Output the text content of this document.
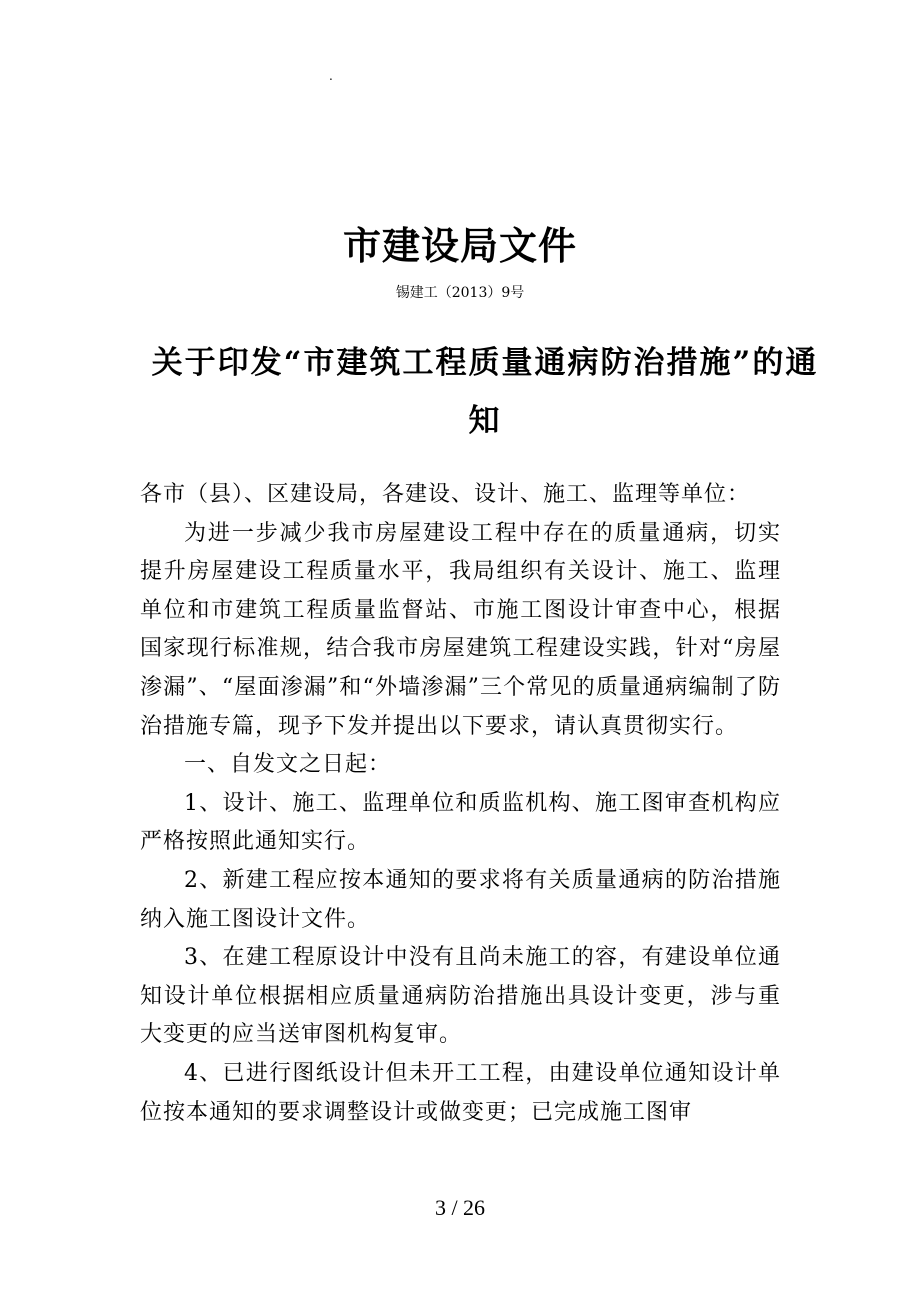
.
市建设局文件
锡建工（2013）9号
关于印发“市建筑工程质量通病防治措施”的通知

各市（县）、区建设局，各建设、设计、施工、监理等单位：

为进一步减少我市房屋建设工程中存在的质量通病，切实提升房屋建设工程质量水平，我局组织有关设计、施工、监理单位和市建筑工程质量监督站、市施工图设计审查中心，根据国家现行标准规，结合我市房屋建筑工程建设实践，针对“房屋渗漏”、“屋面渗漏”和“外墙渗漏”三个常见的质量通病编制了防治措施专篇，现予下发并提出以下要求，请认真贯彻实行。

一、自发文之日起：

1、设计、施工、监理单位和质监机构、施工图审查机构应严格按照此通知实行。

2、新建工程应按本通知的要求将有关质量通病的防治措施纳入施工图设计文件。

3、在建工程原设计中没有且尚未施工的容，有建设单位通知设计单位根据相应质量通病防治措施出具设计变更，涉与重大变更的应当送审图机构复审。

4、已进行图纸设计但未开工工程，由建设单位通知设计单位按本通知的要求调整设计或做变更；已完成施工图审

3 / 26
